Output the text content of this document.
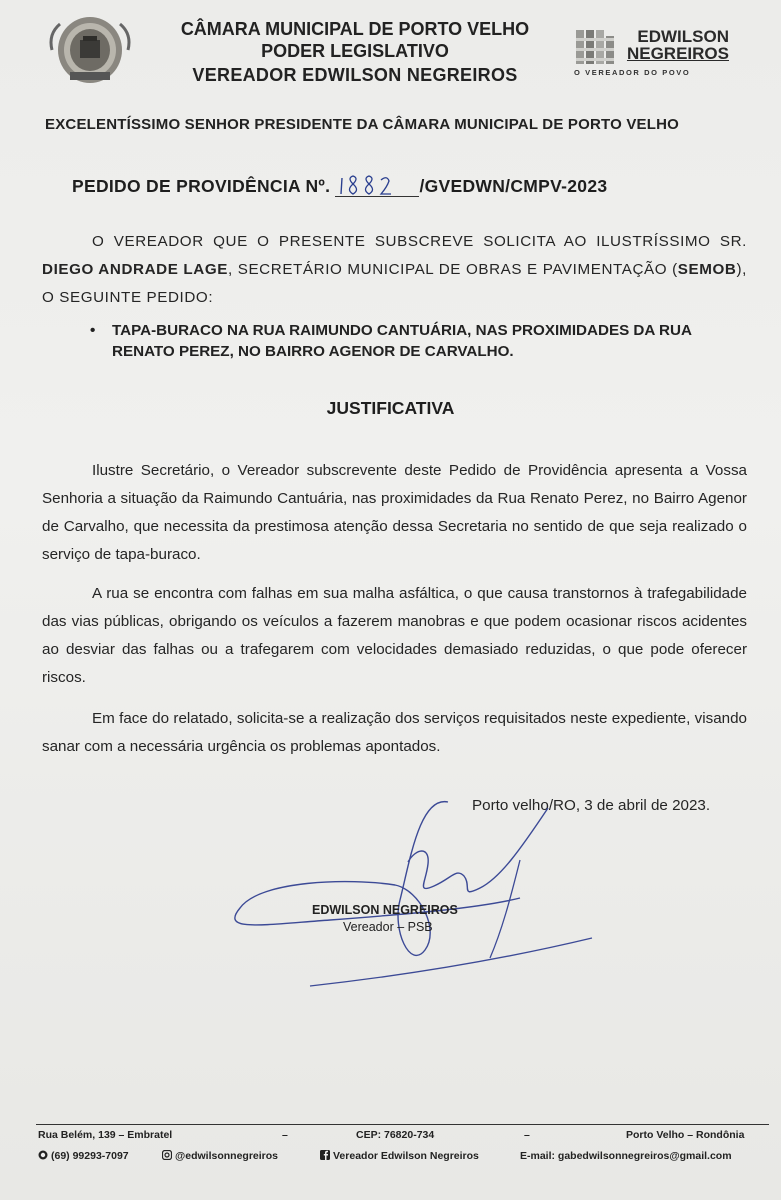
CÂMARA MUNICIPAL DE PORTO VELHO
PODER LEGISLATIVO
VEREADOR EDWILSON NEGREIROS
EDWILSON
NEGREIROS
O VEREADOR DO POVO
EXCELENTÍSSIMO SENHOR PRESIDENTE DA CÂMARA MUNICIPAL DE PORTO VELHO
PEDIDO DE PROVIDÊNCIA Nº.	/GVEDWN/CMPV-2023

O VEREADOR QUE O PRESENTE SUBSCREVE SOLICITA AO ILUSTRÍSSIMO SR. DIEGO ANDRADE LAGE, SECRETÁRIO MUNICIPAL DE OBRAS E PAVIMENTAÇÃO (SEMOB), O SEGUINTE PEDIDO:

• TAPA-BURACO NA RUA RAIMUNDO CANTUÁRIA, NAS PROXIMIDADES DA RUA RENATO PEREZ, NO BAIRRO AGENOR DE CARVALHO.
JUSTIFICATIVA

Ilustre Secretário, o Vereador subscrevente deste Pedido de Providência apresenta a Vossa Senhoria a situação da Raimundo Cantuária, nas proximidades da Rua Renato Perez, no Bairro Agenor de Carvalho, que necessita da prestimosa atenção dessa Secretaria no sentido de que seja realizado o serviço de tapa-buraco.

A rua se encontra com falhas em sua malha asfáltica, o que causa transtornos à trafegabilidade das vias públicas, obrigando os veículos a fazerem manobras e que podem ocasionar riscos acidentes ao desviar das falhas ou a trafegarem com velocidades demasiado reduzidas, o que pode oferecer riscos.

Em face do relatado, solicita-se a realização dos serviços requisitados neste expediente, visando sanar com a necessária urgência os problemas apontados.

Porto velho/RO, 3 de abril de 2023.
EDWILSON NEGREIROS
Vereador – PSB
Rua Belém, 139 – Embratel	–	CEP: 76820-734	–	Porto Velho – Rondônia
(69) 99293-7097	@edwilsonnegreiros	Vereador Edwilson Negreiros	E-mail: gabedwilsonnegreiros@gmail.com
